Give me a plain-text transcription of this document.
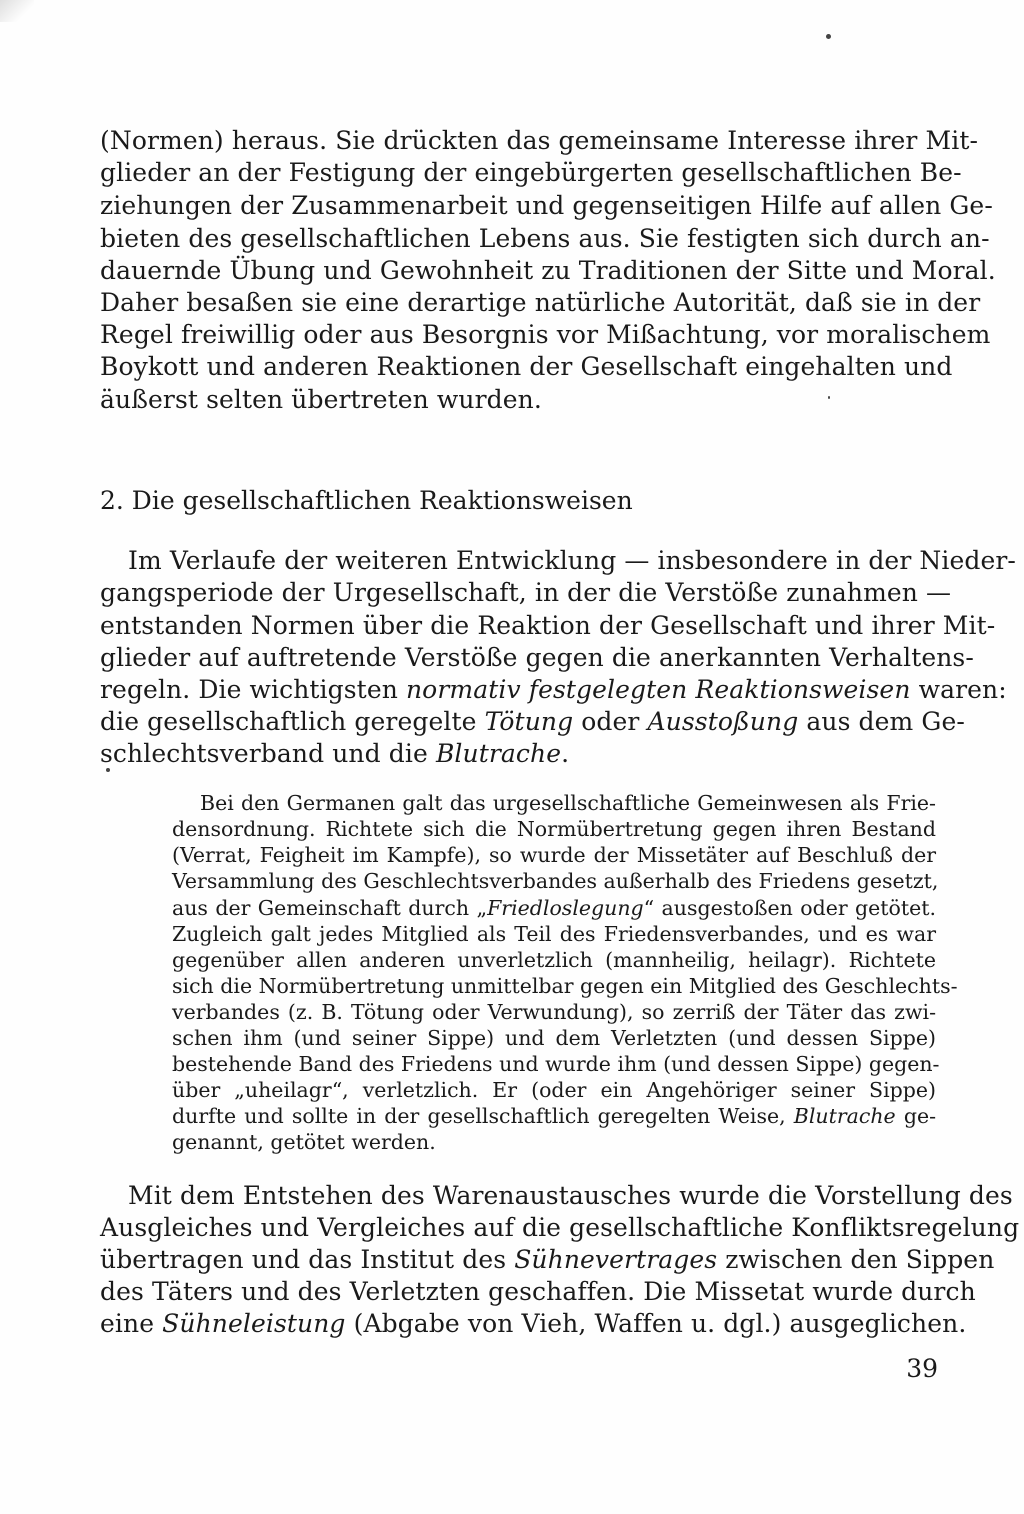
(Normen) heraus. Sie drückten das gemeinsame Interesse ihrer Mit-
glieder an der Festigung der eingebürgerten gesellschaftlichen Be-
ziehungen der Zusammenarbeit und gegenseitigen Hilfe auf allen Ge-
bieten des gesellschaftlichen Lebens aus. Sie festigten sich durch an-
dauernde Übung und Gewohnheit zu Traditionen der Sitte und Moral.
Daher besaßen sie eine derartige natürliche Autorität, daß sie in der
Regel freiwillig oder aus Besorgnis vor Mißachtung, vor moralischem
Boykott und anderen Reaktionen der Gesellschaft eingehalten und
äußerst selten übertreten wurden.
2. Die gesellschaftlichen Reaktionsweisen
Im Verlaufe der weiteren Entwicklung — insbesondere in der Nieder-
gangsperiode der Urgesellschaft, in der die Verstöße zunahmen —
entstanden Normen über die Reaktion der Gesellschaft und ihrer Mit-
glieder auf auftretende Verstöße gegen die anerkannten Verhaltens-
regeln. Die wichtigsten normativ festgelegten Reaktionsweisen waren:
die gesellschaftlich geregelte Tötung oder Ausstoßung aus dem Ge-
schlechtsverband und die Blutrache.
Bei den Germanen galt das urgesellschaftliche Gemeinwesen als Frie-
densordnung. Richtete sich die Normübertretung gegen ihren Bestand
(Verrat, Feigheit im Kampfe), so wurde der Missetäter auf Beschluß der
Versammlung des Geschlechtsverbandes außerhalb des Friedens gesetzt,
aus der Gemeinschaft durch „Friedloslegung“ ausgestoßen oder getötet.
Zugleich galt jedes Mitglied als Teil des Friedensverbandes, und es war
gegenüber allen anderen unverletzlich (mannheilig, heilagr). Richtete
sich die Normübertretung unmittelbar gegen ein Mitglied des Geschlechts-
verbandes (z. B. Tötung oder Verwundung), so zerriß der Täter das zwi-
schen ihm (und seiner Sippe) und dem Verletzten (und dessen Sippe)
bestehende Band des Friedens und wurde ihm (und dessen Sippe) gegen-
über „uheilagr“, verletzlich. Er (oder ein Angehöriger seiner Sippe)
durfte und sollte in der gesellschaftlich geregelten Weise, Blutrache ge-
genannt, getötet werden.
Mit dem Entstehen des Warenaustausches wurde die Vorstellung des
Ausgleiches und Vergleiches auf die gesellschaftliche Konfliktsregelung
übertragen und das Institut des Sühnevertrages zwischen den Sippen
des Täters und des Verletzten geschaffen. Die Missetat wurde durch
eine Sühneleistung (Abgabe von Vieh, Waffen u. dgl.) ausgeglichen.
39
